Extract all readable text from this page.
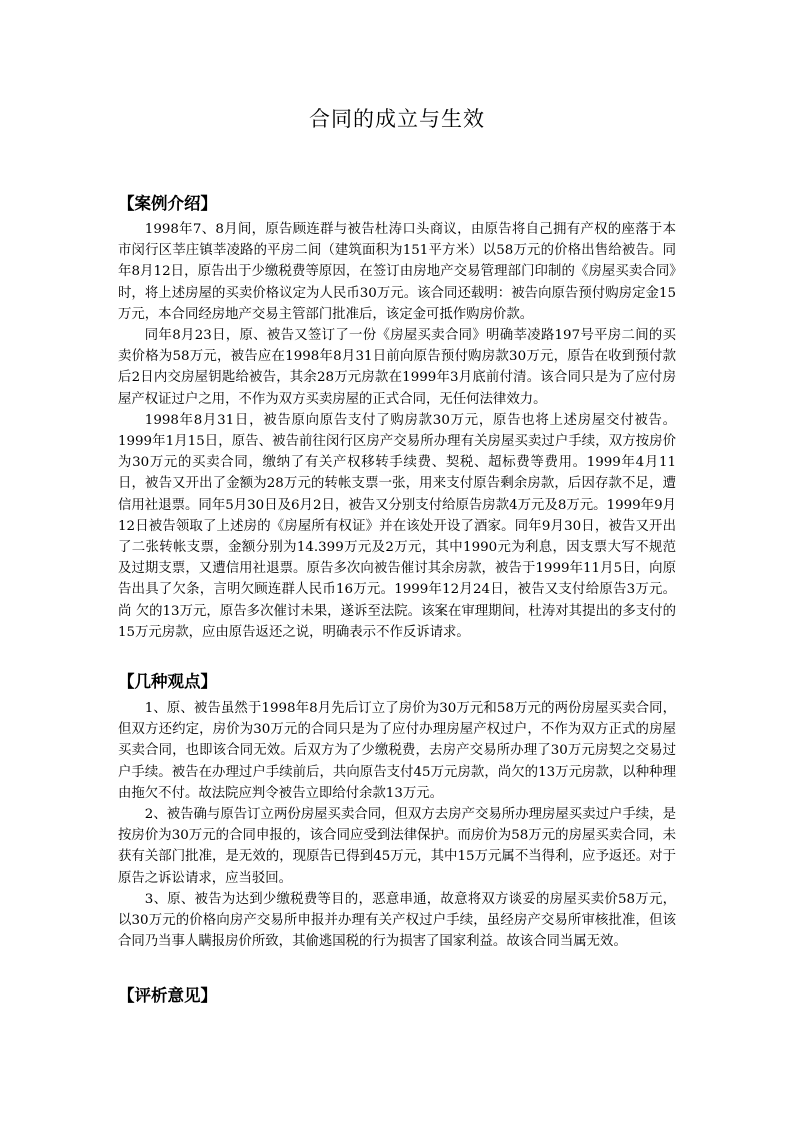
合同的成立与生效
【案例介绍】

1998年7、8月间，原告顾连群与被告杜涛口头商议，由原告将自己拥有产权的座落于本市闵行区莘庄镇莘凌路的平房二间（建筑面积为151平方米）以58万元的价格出售给被告。同年8月12日，原告出于少缴税费等原因，在签订由房地产交易管理部门印制的《房屋买卖合同》时，将上述房屋的买卖价格议定为人民币30万元。该合同还载明：被告向原告预付购房定金15万元，本合同经房地产交易主管部门批准后，该定金可抵作购房价款。

同年8月23日，原、被告又签订了一份《房屋买卖合同》明确莘凌路197号平房二间的买卖价格为58万元，被告应在1998年8月31日前向原告预付购房款30万元，原告在收到预付款后2日内交房屋钥匙给被告，其余28万元房款在1999年3月底前付清。该合同只是为了应付房屋产权证过户之用，不作为双方买卖房屋的正式合同，无任何法律效力。

1998年8月31日，被告原向原告支付了购房款30万元，原告也将上述房屋交付被告。1999年1月15日，原告、被告前往闵行区房产交易所办理有关房屋买卖过户手续，双方按房价为30万元的买卖合同，缴纳了有关产权移转手续费、契税、超标费等费用。1999年4月11日，被告又开出了金额为28万元的转帐支票一张，用来支付原告剩余房款，后因存款不足，遭信用社退票。同年5月30日及6月2日，被告又分别支付给原告房款4万元及8万元。1999年9月12日被告领取了上述房的《房屋所有权证》并在该处开设了酒家。同年9月30日，被告又开出了二张转帐支票，金额分别为14.399万元及2万元，其中1990元为利息，因支票大写不规范及过期支票，又遭信用社退票。原告多次向被告催讨其余房款，被告于1999年11月5日，向原告出具了欠条，言明欠顾连群人民币16万元。1999年12月24日，被告又支付给原告3万元。尚 欠的13万元，原告多次催讨未果，遂诉至法院。该案在审理期间，杜涛对其提出的多支付的15万元房款，应由原告返还之说，明确表示不作反诉请求。

【几种观点】

1、原、被告虽然于1998年8月先后订立了房价为30万元和58万元的两份房屋买卖合同，但双方还约定，房价为30万元的合同只是为了应付办理房屋产权过户，不作为双方正式的房屋买卖合同，也即该合同无效。后双方为了少缴税费，去房产交易所办理了30万元房契之交易过户手续。被告在办理过户手续前后，共向原告支付45万元房款，尚欠的13万元房款，以种种理由拖欠不付。故法院应判令被告立即给付余款13万元。

2、被告确与原告订立两份房屋买卖合同，但双方去房产交易所办理房屋买卖过户手续，是按房价为30万元的合同申报的，该合同应受到法律保护。而房价为58万元的房屋买卖合同，未获有关部门批准，是无效的，现原告已得到45万元，其中15万元属不当得利，应予返还。对于原告之诉讼请求，应当驳回。

3、原、被告为达到少缴税费等目的，恶意串通，故意将双方谈妥的房屋买卖价58万元，以30万元的价格向房产交易所申报并办理有关产权过户手续，虽经房产交易所审核批准，但该合同乃当事人瞒报房价所致，其偷逃国税的行为损害了国家利益。故该合同当属无效。

【评析意见】
